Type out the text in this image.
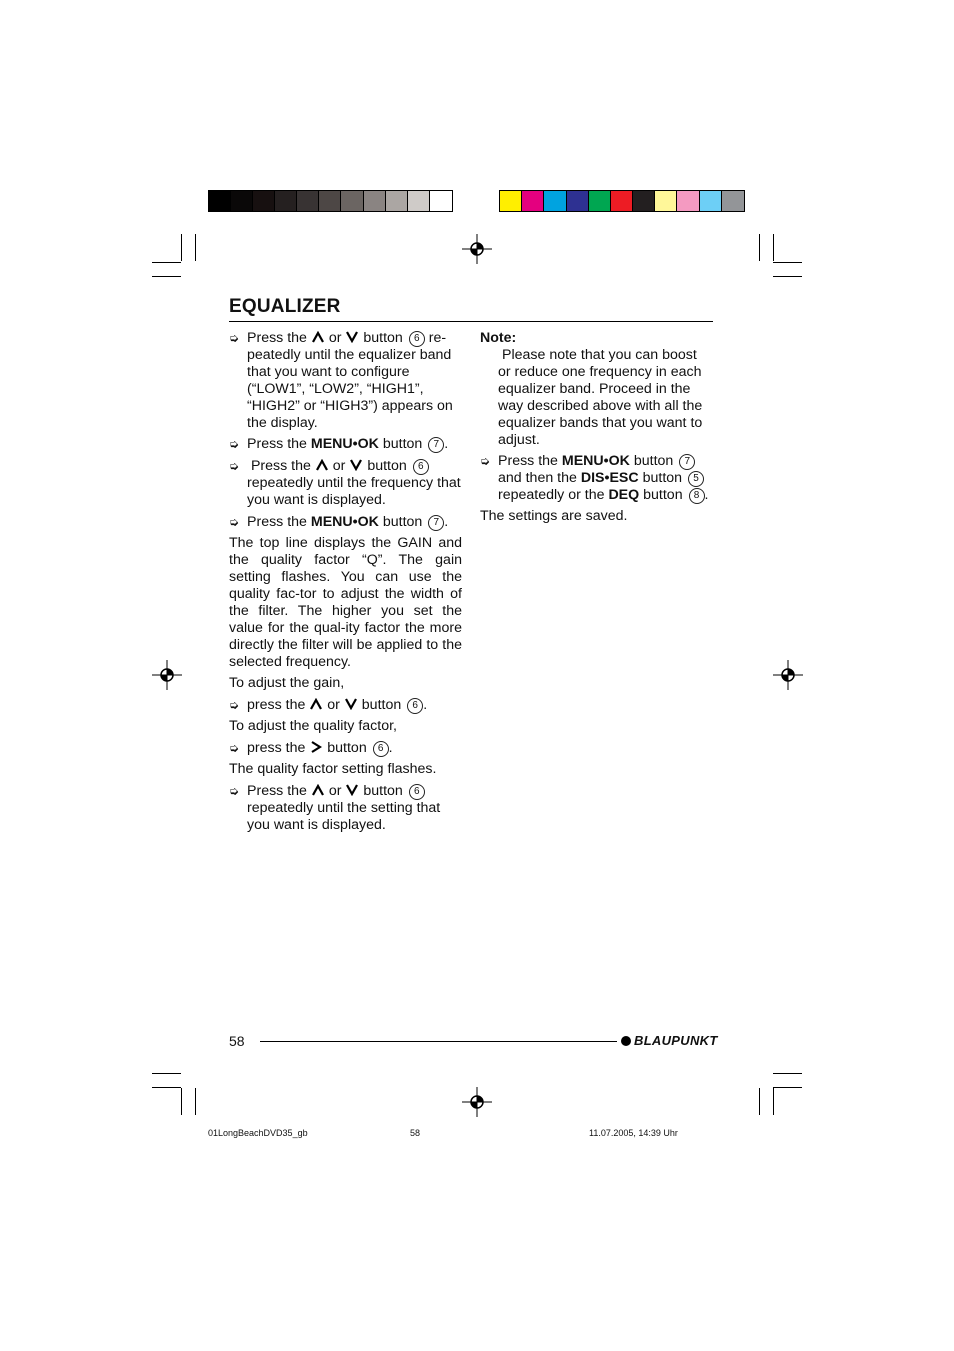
EQUALIZER
➭ Press the or button 6 re-

peatedly until the equalizer band that you want to configure (“LOW1”, “LOW2”, “HIGH1”, “HIGH2” or “HIGH3”) appears on the display.

➭ Press the MENU•OK button 7 .
➭ Press the or button 6

repeatedly until the frequency that you want is displayed.

➭ Press the MENU•OK button 7 .

The top line displays the GAIN and the quality factor “Q”. The gain setting flashes. You can use the quality fac-tor to adjust the width of the filter. The higher you set the value for the qual-ity factor the more directly the filter will be applied to the selected frequency.

To adjust the gain,

➭ press the or button 6 .

To adjust the quality factor,

➭ press the button 6 .

The quality factor setting flashes.

➭ Press the or button 6

repeatedly until the setting that you want is displayed.

Note:

Please note that you can boost or reduce one frequency in each equalizer band. Proceed in the way described above with all the equalizer bands that you want to adjust.

➭ Press the MENU•OK button 7 and then the DIS•ESC button 5 repeatedly or the DEQ button 8 .

The settings are saved.

58	BLAUPUNKT
01LongBeachDVD35_gb	58	11.07.2005, 14:39 Uhr
